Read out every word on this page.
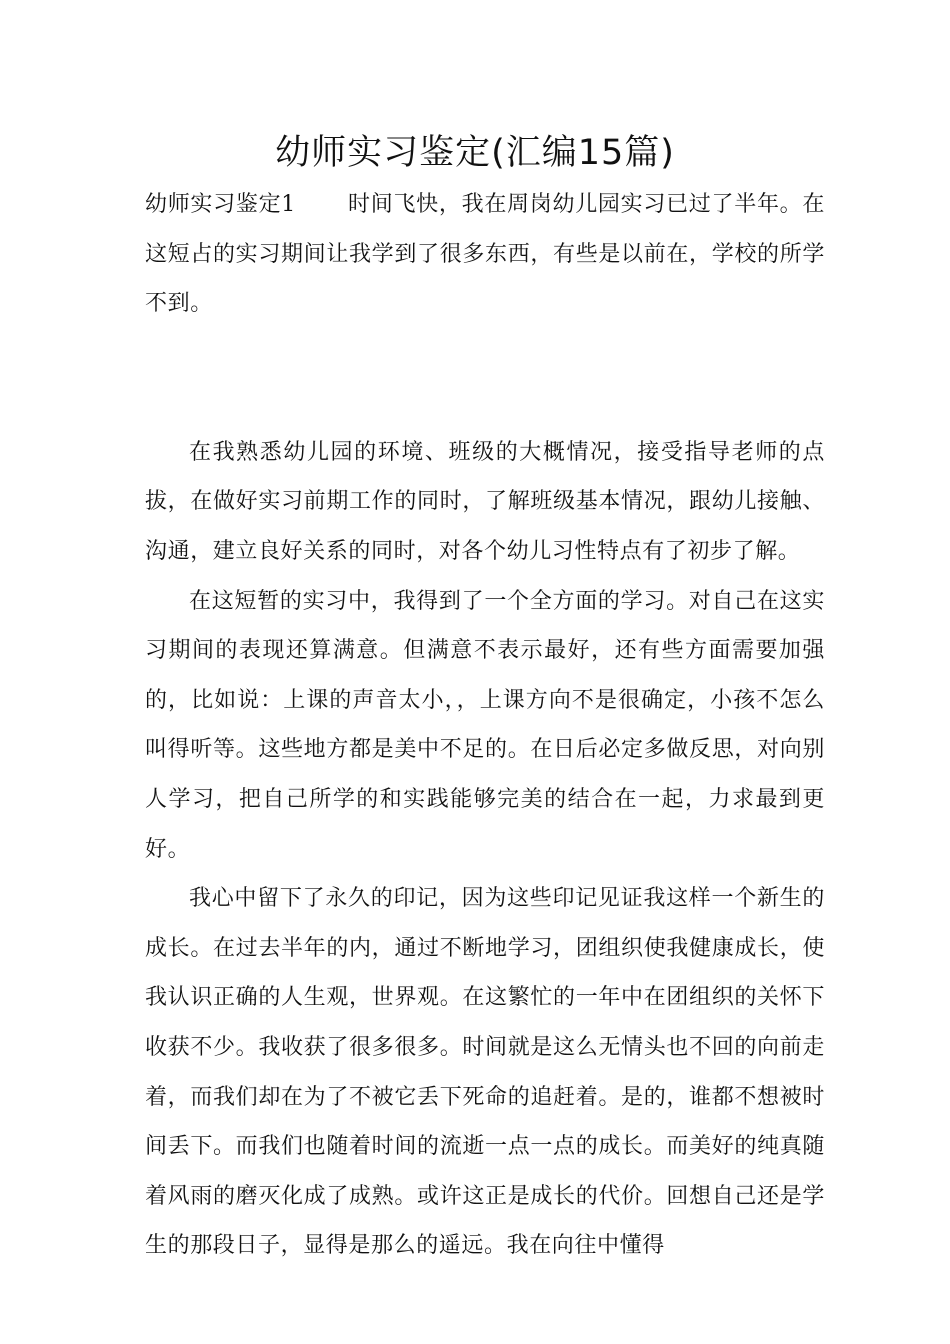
幼师实习鉴定(汇编15篇)

幼师实习鉴定1 时间飞快，我在周岗幼儿园实习已过了半年。在这短占的实习期间让我学到了很多东西，有些是以前在，学校的所学不到。

在我熟悉幼儿园的环境、班级的大概情况，接受指导老师的点拔，在做好实习前期工作的同时，了解班级基本情况，跟幼儿接触、沟通，建立良好关系的同时，对各个幼儿习性特点有了初步了解。

在这短暂的实习中，我得到了一个全方面的学习。对自己在这实习期间的表现还算满意。但满意不表示最好，还有些方面需要加强的，比如说：上课的声音太小，，上课方向不是很确定，小孩不怎么叫得听等。这些地方都是美中不足的。在日后必定多做反思，对向别人学习，把自己所学的和实践能够完美的结合在一起，力求最到更好。

我心中留下了永久的印记，因为这些印记见证我这样一个新生的成长。在过去半年的内，通过不断地学习，团组织使我健康成长，使我认识正确的人生观，世界观。在这繁忙的一年中在团组织的关怀下收获不少。我收获了很多很多。时间就是这么无情头也不回的向前走着，而我们却在为了不被它丢下死命的追赶着。是的，谁都不想被时间丢下。而我们也随着时间的流逝一点一点的成长。而美好的纯真随着风雨的磨灭化成了成熟。或许这正是成长的代价。回想自己还是学生的那段日子，显得是那么的遥远。我在向往中懂得
